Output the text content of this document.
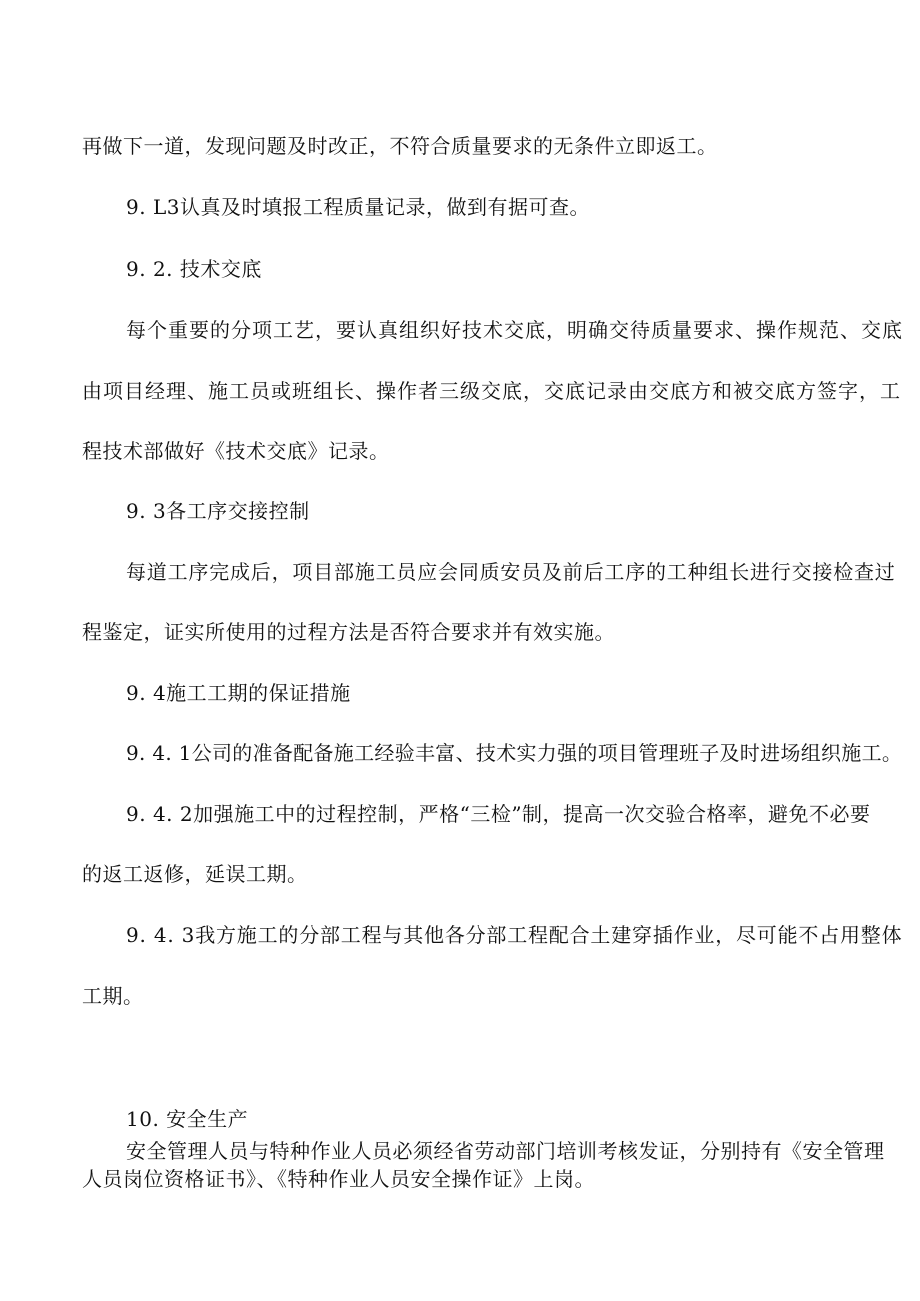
再做下一道，发现问题及时改正，不符合质量要求的无条件立即返工。
9. L3认真及时填报工程质量记录，做到有据可查。
9. 2. 技术交底
每个重要的分项工艺，要认真组织好技术交底，明确交待质量要求、操作规范、交底
由项目经理、施工员或班组长、操作者三级交底，交底记录由交底方和被交底方签字，工
程技术部做好《技术交底》记录。
9. 3各工序交接控制
每道工序完成后，项目部施工员应会同质安员及前后工序的工种组长进行交接检查过
程鉴定，证实所使用的过程方法是否符合要求并有效实施。
9. 4施工工期的保证措施
9. 4. 1公司的准备配备施工经验丰富、技术实力强的项目管理班子及时进场组织施工。
9. 4. 2加强施工中的过程控制，严格“三检”制，提高一次交验合格率，避免不必要
的返工返修，延误工期。
9. 4. 3我方施工的分部工程与其他各分部工程配合土建穿插作业，尽可能不占用整体
工期。
10. 安全生产
安全管理人员与特种作业人员必须经省劳动部门培训考核发证，分别持有《安全管理
人员岗位资格证书》、《特种作业人员安全操作证》上岗。
